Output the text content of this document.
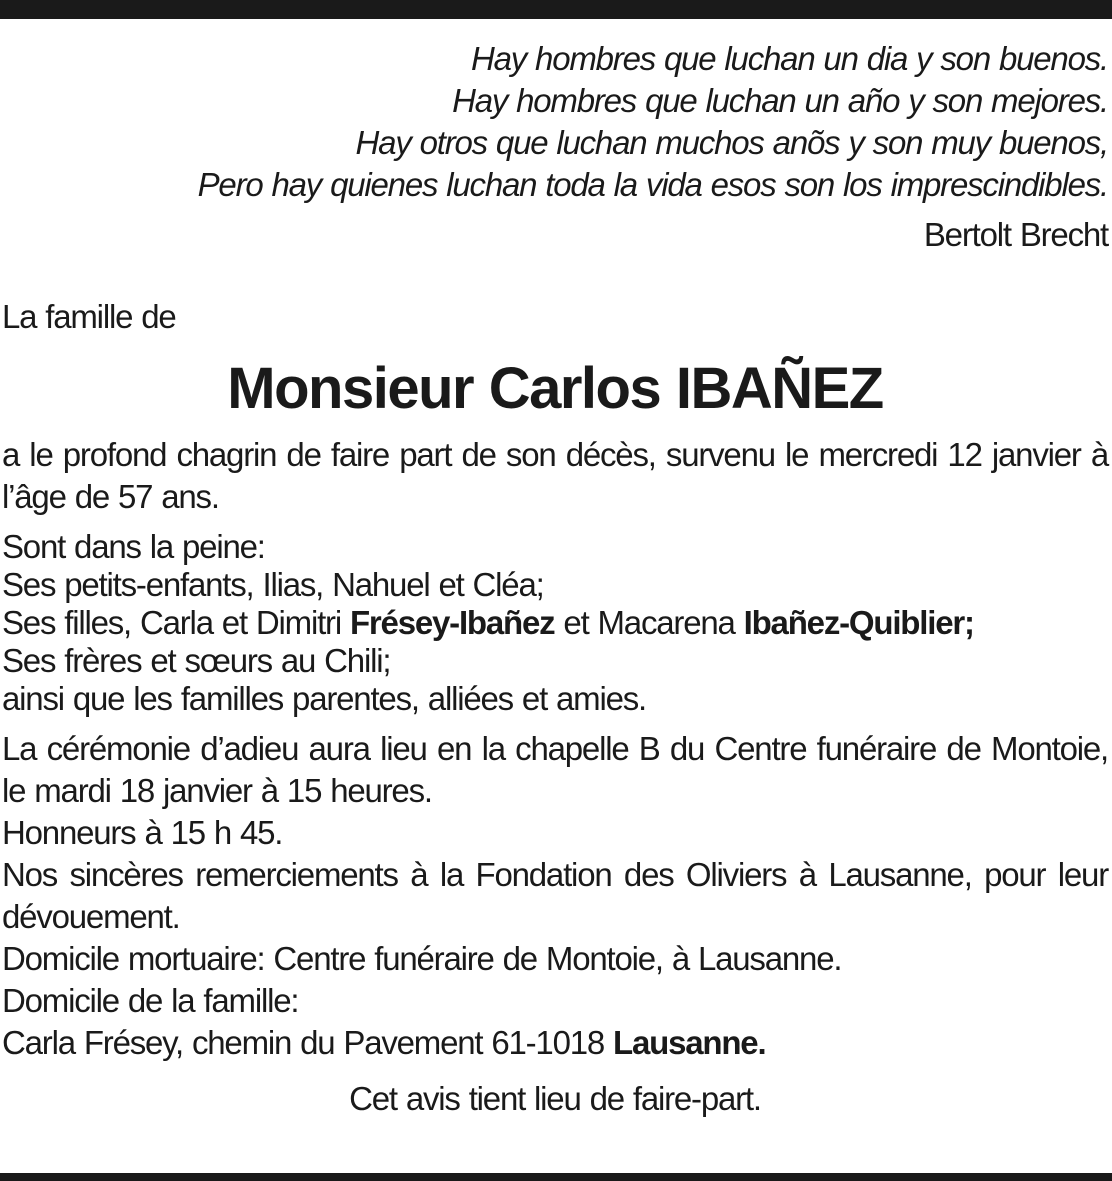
Hay hombres que luchan un dia y son buenos.
Hay hombres que luchan un año y son mejores.
Hay otros que luchan muchos anõs y son muy buenos,
Pero hay quienes luchan toda la vida esos son los imprescindibles.
Bertolt Brecht
La famille de
Monsieur Carlos IBAÑEZ

a le profond chagrin de faire part de son décès, survenu le mercredi 12 janvier à l’âge de 57 ans.

Sont dans la peine:
Ses petits-enfants, Ilias, Nahuel et Cléa;
Ses filles, Carla et Dimitri Frésey-Ibañez et Macarena Ibañez-Quiblier;
Ses frères et sœurs au Chili;
ainsi que les familles parentes, alliées et amies.

La cérémonie d’adieu aura lieu en la chapelle B du Centre funéraire de Montoie, le mardi 18 janvier à 15 heures.

Honneurs à 15 h 45.

Nos sincères remerciements à la Fondation des Oliviers à Lausanne, pour leur dévouement.

Domicile mortuaire: Centre funéraire de Montoie, à Lausanne.

Domicile de la famille:

Carla Frésey, chemin du Pavement 61-1018 Lausanne.

Cet avis tient lieu de faire-part.
